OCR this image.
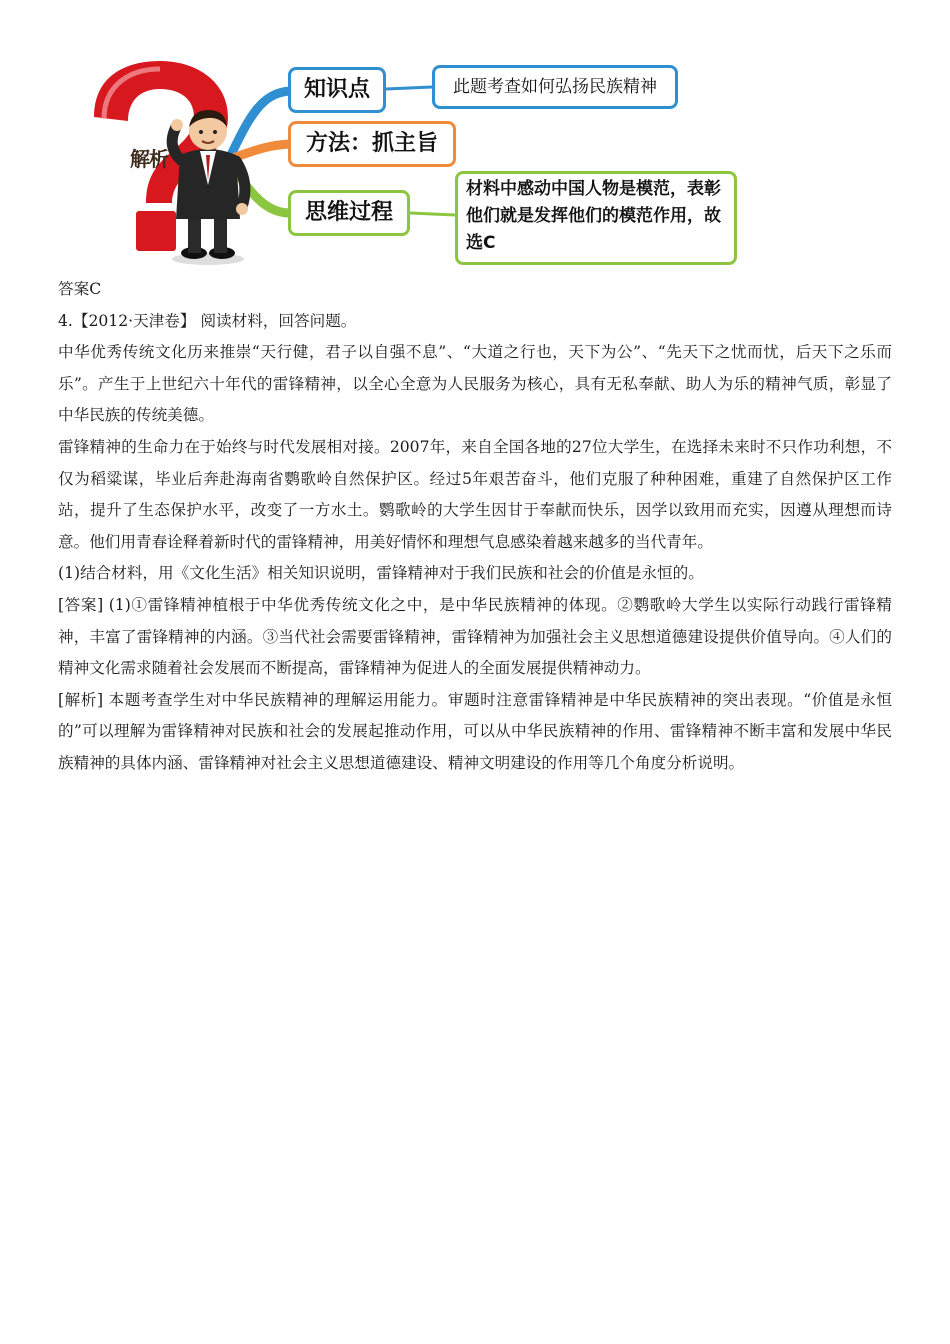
解析
知识点	此题考查如何弘扬民族精神
方法：抓主旨
思维过程
材料中感动中国人物是模范，表彰他们就是发挥他们的模范作用，故选C

答案C

4.【2012·天津卷】 阅读材料，回答问题。

中华优秀传统文化历来推崇“天行健，君子以自强不息”、“大道之行也，天下为公”、“先天下之忧而忧，后天下之乐而乐”。产生于上世纪六十年代的雷锋精神，以全心全意为人民服务为核心，具有无私奉献、助人为乐的精神气质，彰显了中华民族的传统美德。

雷锋精神的生命力在于始终与时代发展相对接。2007年，来自全国各地的27位大学生，在选择未来时不只作功利想，不仅为稻粱谋，毕业后奔赴海南省鹦歌岭自然保护区。经过5年艰苦奋斗，他们克服了种种困难，重建了自然保护区工作站，提升了生态保护水平，改变了一方水土。鹦歌岭的大学生因甘于奉献而快乐，因学以致用而充实，因遵从理想而诗意。他们用青春诠释着新时代的雷锋精神，用美好情怀和理想气息感染着越来越多的当代青年。

(1)结合材料，用《文化生活》相关知识说明，雷锋精神对于我们民族和社会的价值是永恒的。

[答案] (1)①雷锋精神植根于中华优秀传统文化之中，是中华民族精神的体现。②鹦歌岭大学生以实际行动践行雷锋精神，丰富了雷锋精神的内涵。③当代社会需要雷锋精神，雷锋精神为加强社会主义思想道德建设提供价值导向。④人们的精神文化需求随着社会发展而不断提高，雷锋精神为促进人的全面发展提供精神动力。

[解析] 本题考查学生对中华民族精神的理解运用能力。审题时注意雷锋精神是中华民族精神的突出表现。“价值是永恒的”可以理解为雷锋精神对民族和社会的发展起推动作用，可以从中华民族精神的作用、雷锋精神不断丰富和发展中华民族精神的具体内涵、雷锋精神对社会主义思想道德建设、精神文明建设的作用等几个角度分析说明。
